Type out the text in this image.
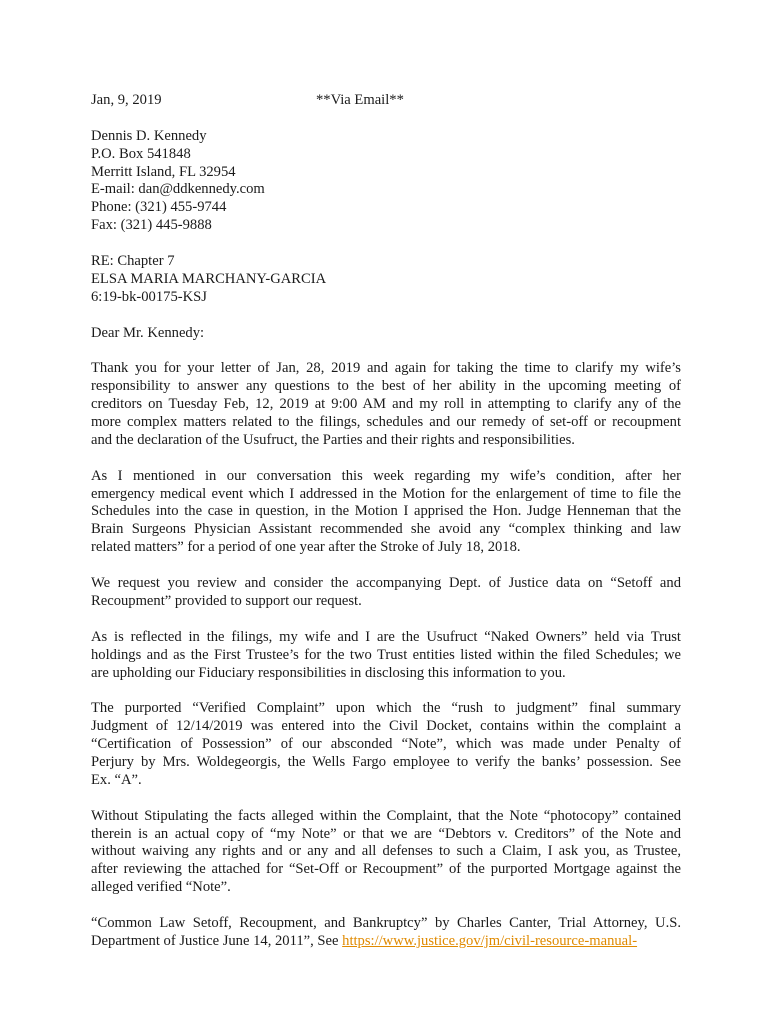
Jan, 9, 2019	**Via Email**
Dennis D. Kennedy
P.O. Box 541848
Merritt Island, FL 32954
E-mail: dan@ddkennedy.com
Phone: (321) 455-9744
Fax: (321) 445-9888
RE: Chapter 7
ELSA MARIA MARCHANY-GARCIA
6:19-bk-00175-KSJ
Dear Mr. Kennedy:
Thank you for your letter of Jan, 28, 2019 and again for taking the time to clarify my wife’s
responsibility to answer any questions to the best of her ability in the upcoming meeting of
creditors on Tuesday Feb, 12, 2019 at 9:00 AM and my roll in attempting to clarify any of the
more complex matters related to the filings, schedules and our remedy of set-off or recoupment
and the declaration of the Usufruct, the Parties and their rights and responsibilities.
As I mentioned in our conversation this week regarding my wife’s condition, after her
emergency medical event which I addressed in the Motion for the enlargement of time to file the
Schedules into the case in question, in the Motion I apprised the Hon. Judge Henneman that the
Brain Surgeons Physician Assistant recommended she avoid any “complex thinking and law
related matters” for a period of one year after the Stroke of July 18, 2018.
We request you review and consider the accompanying Dept. of Justice data on “Setoff and
Recoupment” provided to support our request.
As is reflected in the filings, my wife and I are the Usufruct “Naked Owners” held via Trust
holdings and as the First Trustee’s for the two Trust entities listed within the filed Schedules; we
are upholding our Fiduciary responsibilities in disclosing this information to you.
The purported “Verified Complaint” upon which the “rush to judgment” final summary
Judgment of 12/14/2019 was entered into the Civil Docket, contains within the complaint a
“Certification of Possession” of our absconded “Note”, which was made under Penalty of
Perjury by Mrs. Woldegeorgis, the Wells Fargo employee to verify the banks’ possession. See
Ex. “A”.
Without Stipulating the facts alleged within the Complaint, that the Note “photocopy” contained
therein is an actual copy of “my Note” or that we are “Debtors v. Creditors” of the Note and
without waiving any rights and or any and all defenses to such a Claim, I ask you, as Trustee,
after reviewing the attached for “Set-Off or Recoupment” of the purported Mortgage against the
alleged verified “Note”.
“Common Law Setoff, Recoupment, and Bankruptcy” by Charles Canter, Trial Attorney, U.S.
Department of Justice June 14, 2011”, See https://www.justice.gov/jm/civil-resource-manual-
